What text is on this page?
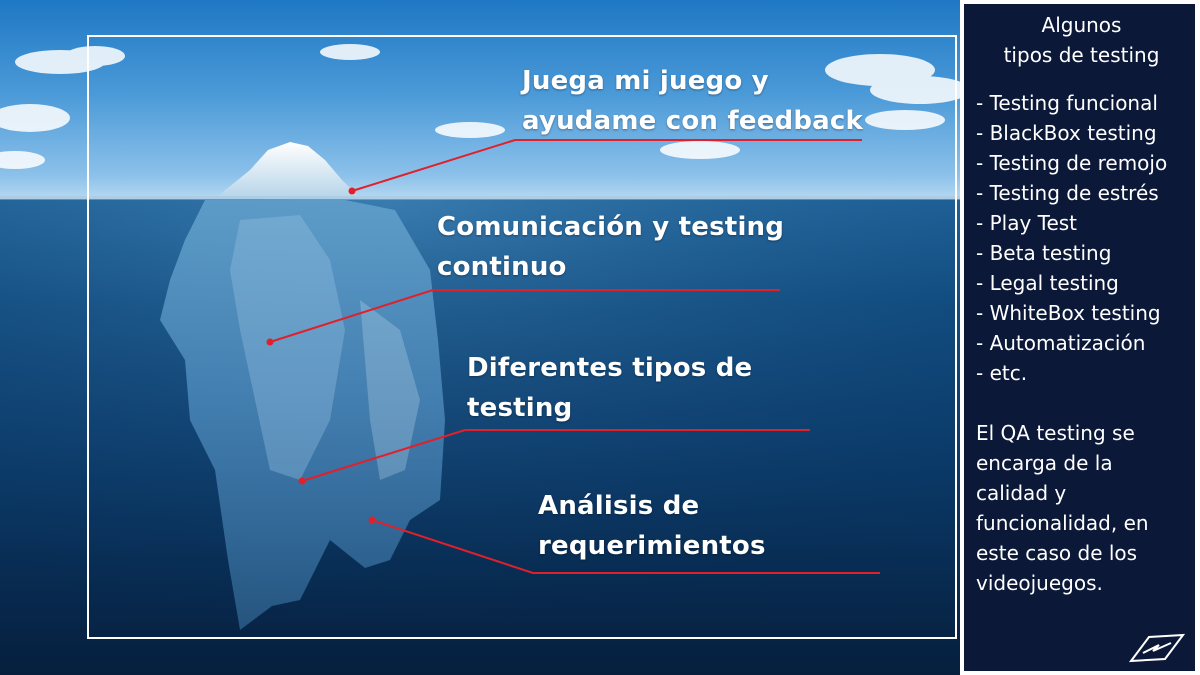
Juega mi juego y
ayudame con feedback
Comunicación y testing
continuo
Diferentes tipos de
testing
Análisis de
requerimientos
Algunos
tipos de testing
- Testing funcional
- BlackBox testing
- Testing de remojo
- Testing de estrés
- Play Test
- Beta testing
- Legal testing
- WhiteBox testing
- Automatización
- etc.
El QA testing se
encarga de la
calidad y
funcionalidad, en
este caso de los
videojuegos.
